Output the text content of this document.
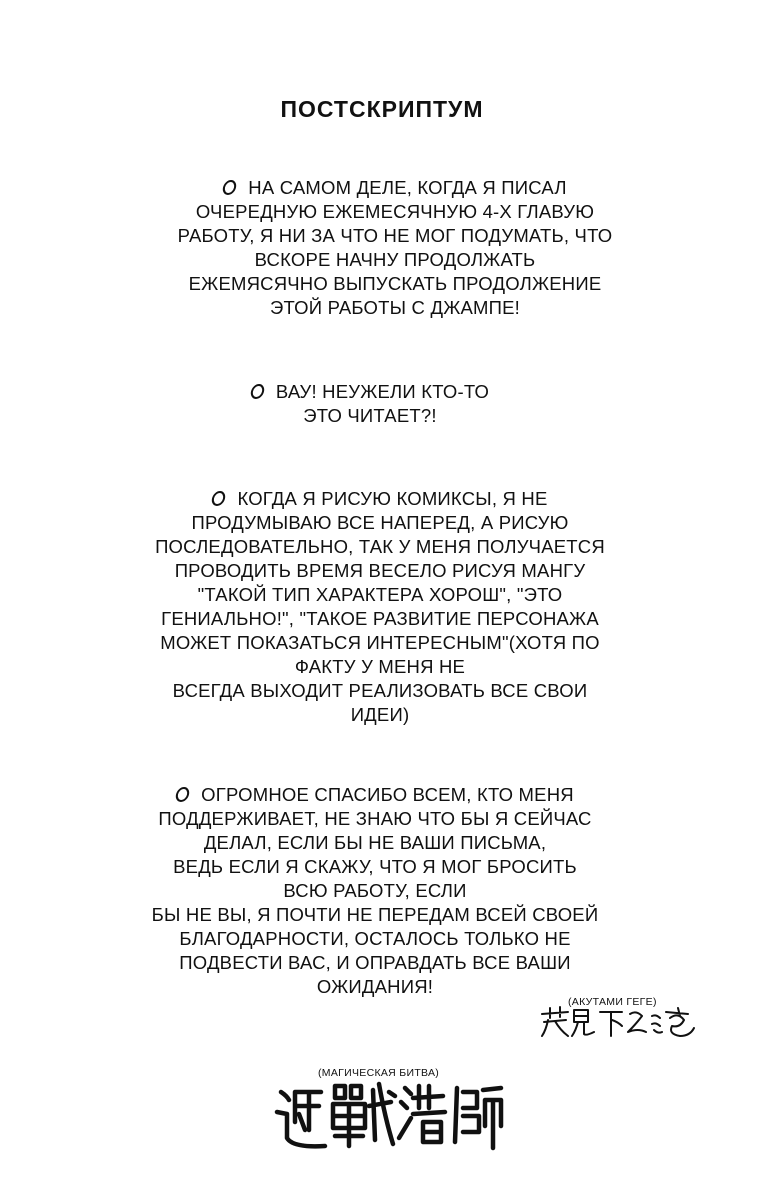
ПОСТСКРИПТУМ
НА САМОМ ДЕЛЕ, КОГДА Я ПИСАЛ
ОЧЕРЕДНУЮ ЕЖЕМЕСЯЧНУЮ 4-Х ГЛАВУЮ
РАБОТУ, Я НИ ЗА ЧТО НЕ МОГ ПОДУМАТЬ, ЧТО
ВСКОРЕ НАЧНУ ПРОДОЛЖАТЬ
ЕЖЕМЯСЯЧНО ВЫПУСКАТЬ ПРОДОЛЖЕНИЕ
ЭТОЙ РАБОТЫ С ДЖАМПЕ!
ВАУ! НЕУЖЕЛИ КТО-ТО
ЭТО ЧИТАЕТ?!
КОГДА Я РИСУЮ КОМИКСЫ, Я НЕ
ПРОДУМЫВАЮ ВСЕ НАПЕРЕД, А РИСУЮ
ПОСЛЕДОВАТЕЛЬНО, ТАК У МЕНЯ ПОЛУЧАЕТСЯ
ПРОВОДИТЬ ВРЕМЯ ВЕСЕЛО РИСУЯ МАНГУ
"ТАКОЙ ТИП ХАРАКТЕРА ХОРОШ", "ЭТО
ГЕНИАЛЬНО!", "ТАКОЕ РАЗВИТИЕ ПЕРСОНАЖА
МОЖЕТ ПОКАЗАТЬСЯ ИНТЕРЕСНЫМ"(ХОТЯ ПО
ФАКТУ У МЕНЯ НЕ
ВСЕГДА ВЫХОДИТ РЕАЛИЗОВАТЬ ВСЕ СВОИ
ИДЕИ)
ОГРОМНОЕ СПАСИБО ВСЕМ, КТО МЕНЯ
ПОДДЕРЖИВАЕТ, НЕ ЗНАЮ ЧТО БЫ Я СЕЙЧАС
ДЕЛАЛ, ЕСЛИ БЫ НЕ ВАШИ ПИСЬМА,
ВЕДЬ ЕСЛИ Я СКАЖУ, ЧТО Я МОГ БРОСИТЬ
ВСЮ РАБОТУ, ЕСЛИ
БЫ НЕ ВЫ, Я ПОЧТИ НЕ ПЕРЕДАМ ВСЕЙ СВОЕЙ
БЛАГОДАРНОСТИ, ОСТАЛОСЬ ТОЛЬКО НЕ
ПОДВЕСТИ ВАС, И ОПРАВДАТЬ ВСЕ ВАШИ
ОЖИДАНИЯ!
(АКУТАМИ ГЕГЕ)
(МАГИЧЕСКАЯ БИТВА)
